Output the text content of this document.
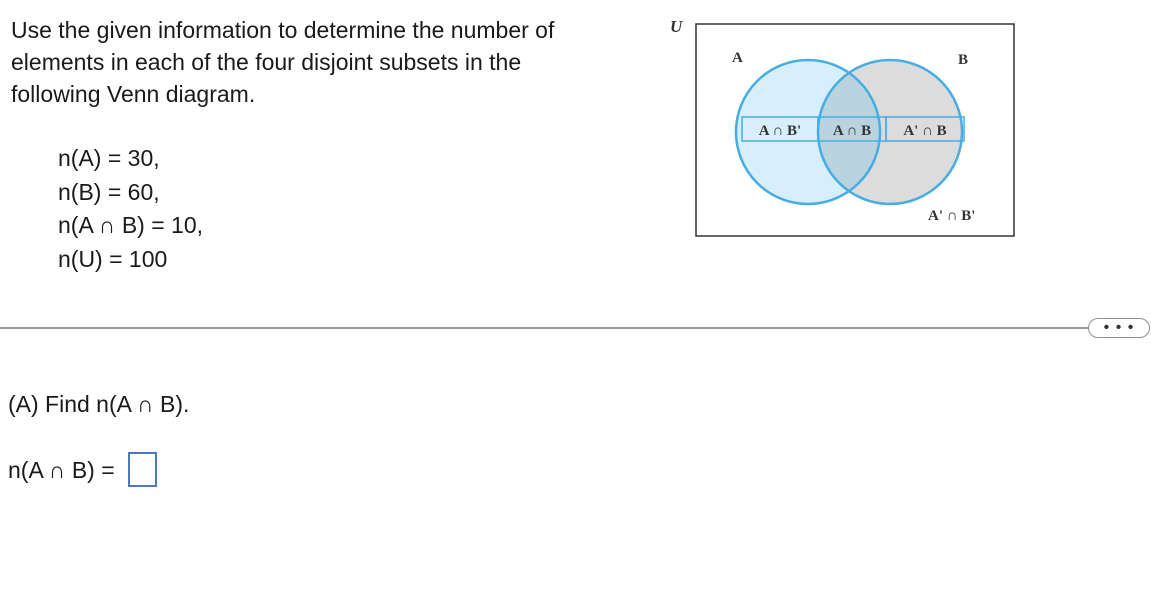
Use the given information to determine the number of elements in each of the four disjoint subsets in the following Venn diagram.

n(A) = 30,
n(B) = 60,
n(A ∩ B) = 10,
n(U) = 100
U
A	B
A ∩ B' A ∩ B A' ∩ B
A' ∩ B'
• • •
(A) Find n(A ∩ B).
n(A ∩ B) =
